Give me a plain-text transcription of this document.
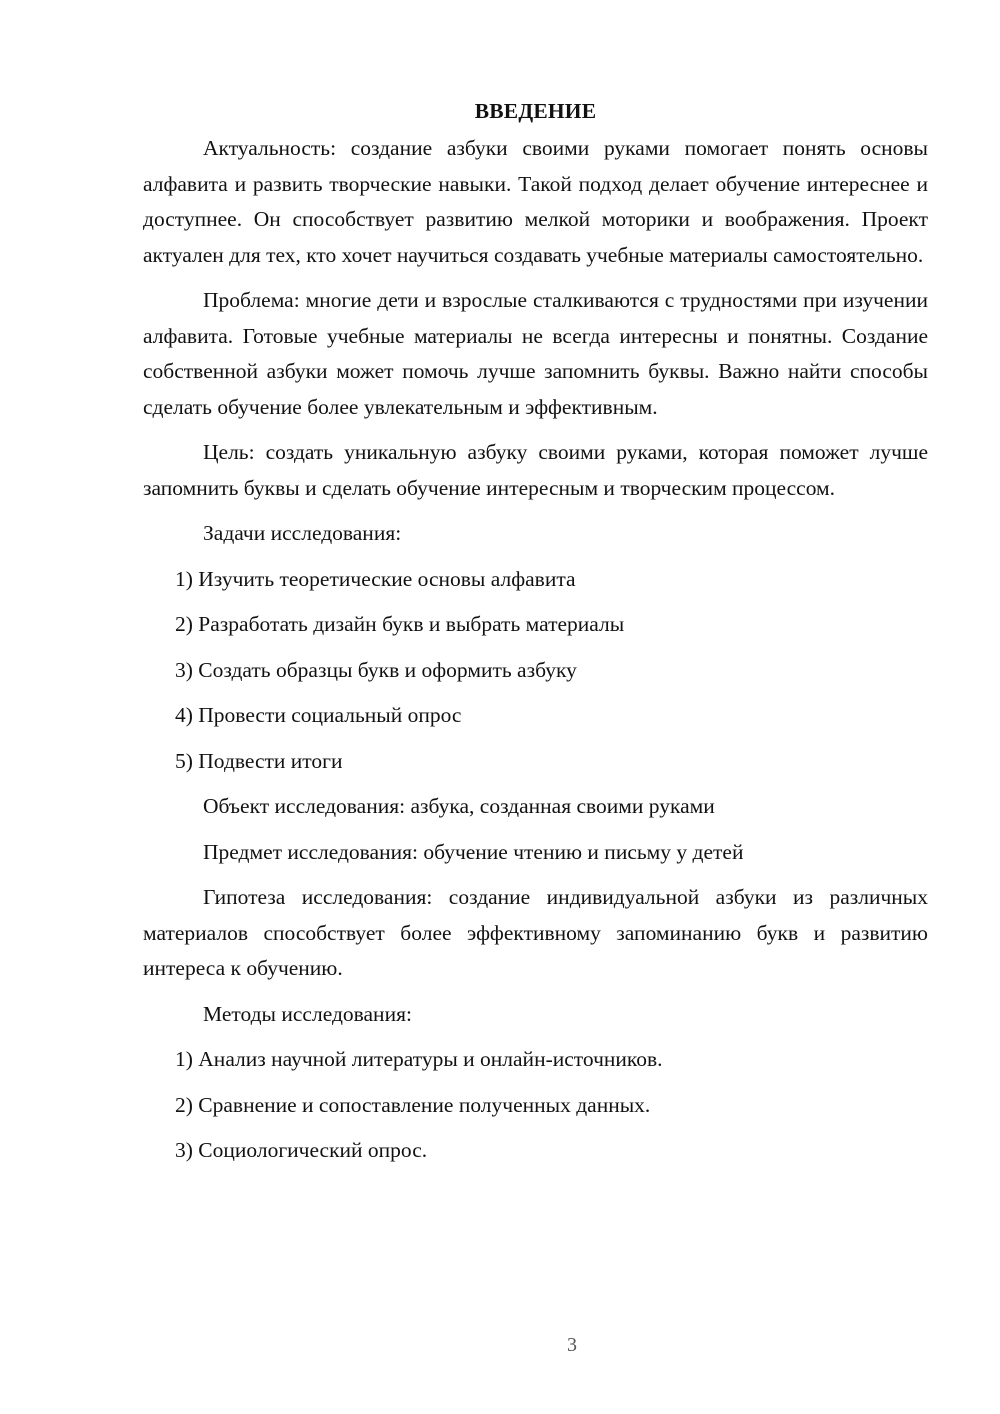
ВВЕДЕНИЕ

Актуальность: создание азбуки своими руками помогает понять основы алфавита и развить творческие навыки. Такой подход делает обучение интереснее и доступнее. Он способствует развитию мелкой моторики и воображения. Проект актуален для тех, кто хочет научиться создавать учебные материалы самостоятельно.

Проблема: многие дети и взрослые сталкиваются с трудностями при изучении алфавита. Готовые учебные материалы не всегда интересны и понятны. Создание собственной азбуки может помочь лучше запомнить буквы. Важно найти способы сделать обучение более увлекательным и эффективным.

Цель: создать уникальную азбуку своими руками, которая поможет лучше запомнить буквы и сделать обучение интересным и творческим процессом.

Задачи исследования:
1) Изучить теоретические основы алфавита
2) Разработать дизайн букв и выбрать материалы
3) Создать образцы букв и оформить азбуку
4) Провести социальный опрос
5) Подвести итоги
Объект исследования: азбука, созданная своими руками
Предмет исследования: обучение чтению и письму у детей

Гипотеза исследования: создание индивидуальной азбуки из различных материалов способствует более эффективному запоминанию букв и развитию интереса к обучению.

Методы исследования:
1) Анализ научной литературы и онлайн-источников.
2) Сравнение и сопоставление полученных данных.
3) Социологический опрос.
3
